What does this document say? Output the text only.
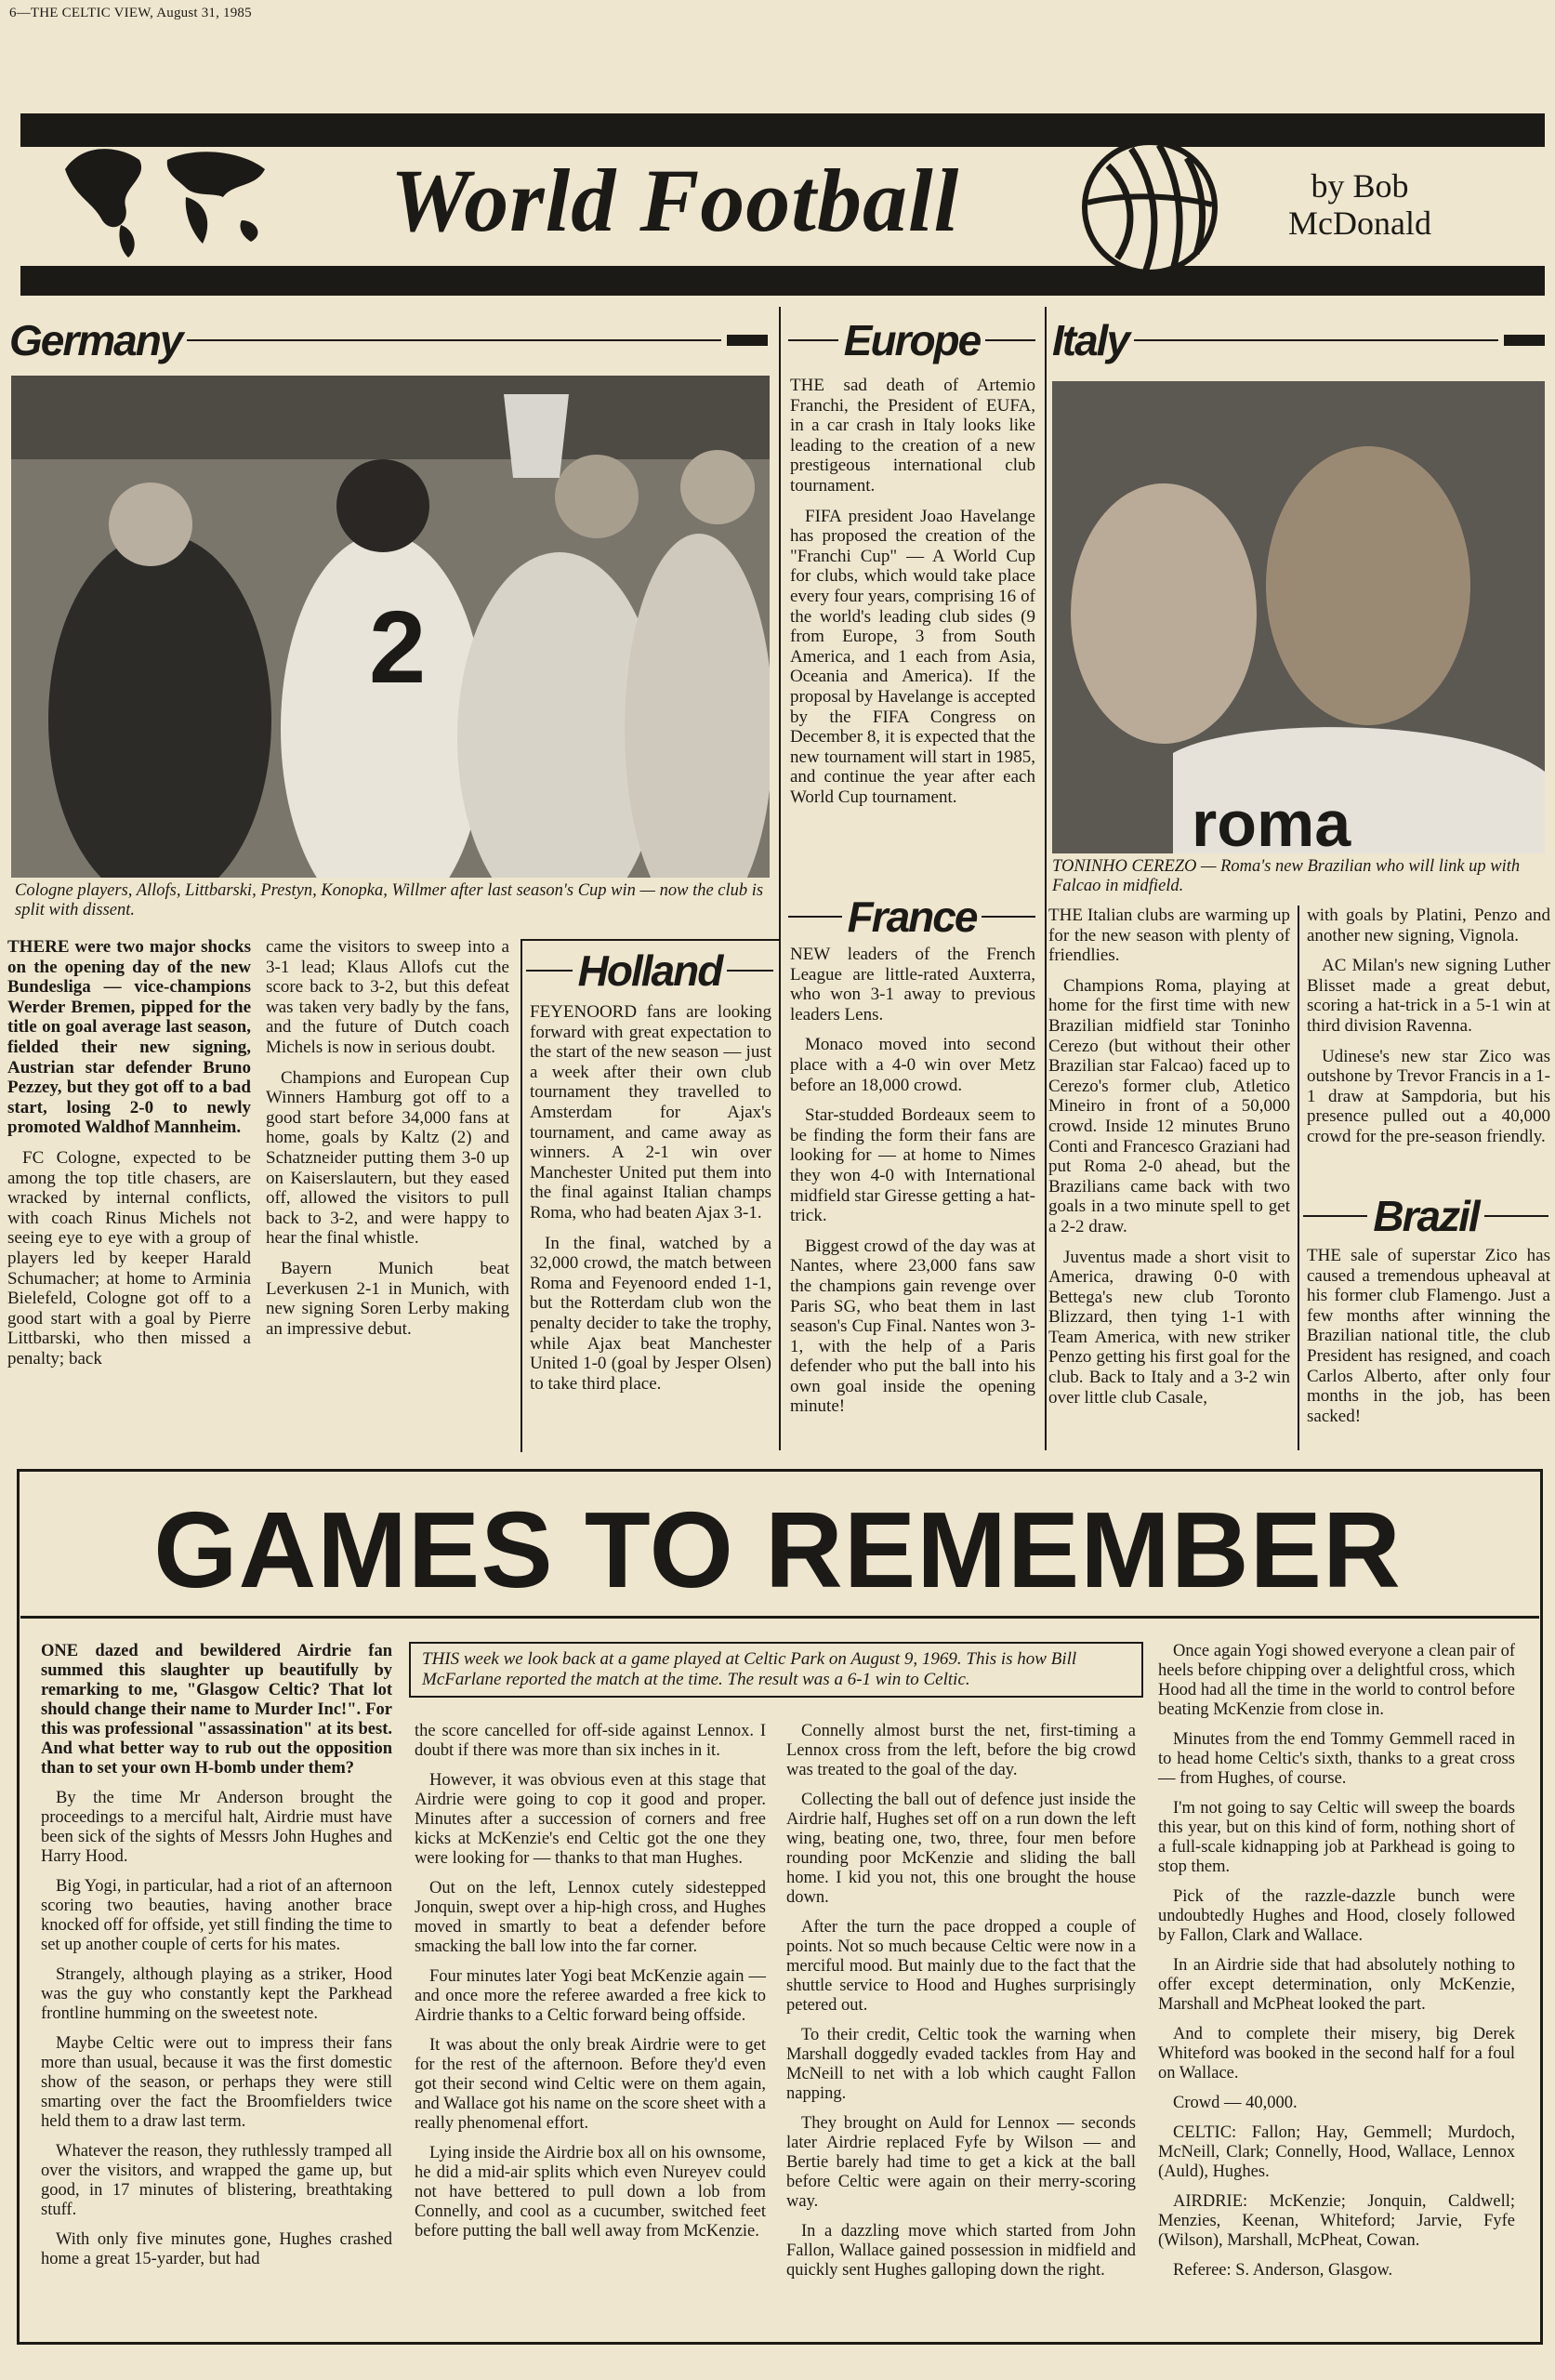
6—THE CELTIC VIEW, August 31, 1985
World Football	by Bob McDonald
Germany
2
Cologne players, Allofs, Littbarski, Prestyn, Konopka, Willmer after last season's Cup win — now the club is split with dissent.

THERE were two major shocks on the opening day of the new Bundesliga — vice-champions Werder Bremen, pipped for the title on goal average last season, fielded their new signing, Austrian star defender Bruno Pezzey, but they got off to a bad start, losing 2-0 to newly promoted Waldhof Mannheim.

FC Cologne, expected to be among the top title chasers, are wracked by internal conflicts, with coach Rinus Michels not seeing eye to eye with a group of players led by keeper Harald Schumacher; at home to Arminia Bielefeld, Cologne got off to a good start with a goal by Pierre Littbarski, who then missed a penalty; back

came the visitors to sweep into a 3-1 lead; Klaus Allofs cut the score back to 3-2, but this defeat was taken very badly by the fans, and the future of Dutch coach Michels is now in serious doubt.

Champions and European Cup Winners Hamburg got off to a good start before 34,000 fans at home, goals by Kaltz (2) and Schatzneider putting them 3-0 up on Kaiserslautern, but they eased off, allowed the visitors to pull back to 3-2, and were happy to hear the final whistle.

Bayern Munich beat Leverkusen 2-1 in Munich, with new signing Soren Lerby making an impressive debut.

Holland

FEYENOORD fans are looking forward with great expectation to the start of the new season — just a week after their own club tournament they travelled to Amsterdam for Ajax's tournament, and came away as winners. A 2-1 win over Manchester United put them into the final against Italian champs Roma, who had beaten Ajax 3-1.

In the final, watched by a 32,000 crowd, the match between Roma and Feyenoord ended 1-1, but the Rotterdam club won the penalty decider to take the trophy, while Ajax beat Manchester United 1-0 (goal by Jesper Olsen) to take third place.

Europe

THE sad death of Artemio Franchi, the President of EUFA, in a car crash in Italy looks like leading to the creation of a new prestigeous international club tournament.

FIFA president Joao Havelange has proposed the creation of the "Franchi Cup" — A World Cup for clubs, which would take place every four years, comprising 16 of the world's leading club sides (9 from Europe, 3 from South America, and 1 each from Asia, Oceania and America). If the proposal by Havelange is accepted by the FIFA Congress on December 8, it is expected that the new tournament will start in 1985, and continue the year after each World Cup tournament.

France

NEW leaders of the French League are little-rated Auxterra, who won 3-1 away to previous leaders Lens.

Monaco moved into second place with a 4-0 win over Metz before an 18,000 crowd.

Star-studded Bordeaux seem to be finding the form their fans are looking for — at home to Nimes they won 4-0 with International midfield star Giresse getting a hat-trick.

Biggest crowd of the day was at Nantes, where 23,000 fans saw the champions gain revenge over Paris SG, who beat them in last season's Cup Final. Nantes won 3-1, with the help of a Paris defender who put the ball into his own goal inside the opening minute!

Italy
roma
TONINHO CEREZO — Roma's new Brazilian who will link up with Falcao in midfield.

THE Italian clubs are warming up for the new season with plenty of friendlies.

Champions Roma, playing at home for the first time with new Brazilian midfield star Toninho Cerezo (but without their other Brazilian star Falcao) faced up to Cerezo's former club, Atletico Mineiro in front of a 50,000 crowd. Inside 12 minutes Bruno Conti and Francesco Graziani had put Roma 2-0 ahead, but the Brazilians came back with two goals in a two minute spell to get a 2-2 draw.

Juventus made a short visit to America, drawing 0-0 with Bettega's new club Toronto Blizzard, then tying 1-1 with Team America, with new striker Penzo getting his first goal for the club. Back to Italy and a 3-2 win over little club Casale,

with goals by Platini, Penzo and another new signing, Vignola.

AC Milan's new signing Luther Blisset made a great debut, scoring a hat-trick in a 5-1 win at third division Ravenna.

Udinese's new star Zico was outshone by Trevor Francis in a 1-1 draw at Sampdoria, but his presence pulled out a 40,000 crowd for the pre-season friendly.

Brazil

THE sale of superstar Zico has caused a tremendous upheaval at his former club Flamengo. Just a few months after winning the Brazilian national title, the club President has resigned, and coach Carlos Alberto, after only four months in the job, has been sacked!

GAMES TO REMEMBER
THIS week we look back at a game played at Celtic Park on August 9, 1969. This is how Bill McFarlane reported the match at the time. The result was a 6-1 win to Celtic.

ONE dazed and bewildered Airdrie fan summed this slaughter up beautifully by remarking to me, "Glasgow Celtic? That lot should change their name to Murder Inc!". For this was professional "assassination" at its best. And what better way to rub out the opposition than to set your own H-bomb under them?

By the time Mr Anderson brought the proceedings to a merciful halt, Airdrie must have been sick of the sights of Messrs John Hughes and Harry Hood.

Big Yogi, in particular, had a riot of an afternoon scoring two beauties, having another brace knocked off for offside, yet still finding the time to set up another couple of certs for his mates.

Strangely, although playing as a striker, Hood was the guy who constantly kept the Parkhead frontline humming on the sweetest note.

Maybe Celtic were out to impress their fans more than usual, because it was the first domestic show of the season, or perhaps they were still smarting over the fact the Broomfielders twice held them to a draw last term.

Whatever the reason, they ruthlessly tramped all over the visitors, and wrapped the game up, but good, in 17 minutes of blistering, breathtaking stuff.

With only five minutes gone, Hughes crashed home a great 15-yarder, but had

the score cancelled for off-side against Lennox. I doubt if there was more than six inches in it.

However, it was obvious even at this stage that Airdrie were going to cop it good and proper. Minutes after a succession of corners and free kicks at McKenzie's end Celtic got the one they were looking for — thanks to that man Hughes.

Out on the left, Lennox cutely sidestepped Jonquin, swept over a hip-high cross, and Hughes moved in smartly to beat a defender before smacking the ball low into the far corner.

Four minutes later Yogi beat McKenzie again — and once more the referee awarded a free kick to Airdrie thanks to a Celtic forward being offside.

It was about the only break Airdrie were to get for the rest of the afternoon. Before they'd even got their second wind Celtic were on them again, and Wallace got his name on the score sheet with a really phenomenal effort.

Lying inside the Airdrie box all on his ownsome, he did a mid-air splits which even Nureyev could not have bettered to pull down a lob from Connelly, and cool as a cucumber, switched feet before putting the ball well away from McKenzie.

Connelly almost burst the net, first-timing a Lennox cross from the left, before the big crowd was treated to the goal of the day.

Collecting the ball out of defence just inside the Airdrie half, Hughes set off on a run down the left wing, beating one, two, three, four men before rounding poor McKenzie and sliding the ball home. I kid you not, this one brought the house down.

After the turn the pace dropped a couple of points. Not so much because Celtic were now in a merciful mood. But mainly due to the fact that the shuttle service to Hood and Hughes surprisingly petered out.

To their credit, Celtic took the warning when Marshall doggedly evaded tackles from Hay and McNeill to net with a lob which caught Fallon napping.

They brought on Auld for Lennox — seconds later Airdrie replaced Fyfe by Wilson — and Bertie barely had time to get a kick at the ball before Celtic were again on their merry-scoring way.

In a dazzling move which started from John Fallon, Wallace gained possession in midfield and quickly sent Hughes galloping down the right.

Once again Yogi showed everyone a clean pair of heels before chipping over a delightful cross, which Hood had all the time in the world to control before beating McKenzie from close in.

Minutes from the end Tommy Gemmell raced in to head home Celtic's sixth, thanks to a great cross — from Hughes, of course.

I'm not going to say Celtic will sweep the boards this year, but on this kind of form, nothing short of a full-scale kidnapping job at Parkhead is going to stop them.

Pick of the razzle-dazzle bunch were undoubtedly Hughes and Hood, closely followed by Fallon, Clark and Wallace.

In an Airdrie side that had absolutely nothing to offer except determination, only McKenzie, Marshall and McPheat looked the part.

And to complete their misery, big Derek Whiteford was booked in the second half for a foul on Wallace.

Crowd — 40,000.

CELTIC: Fallon; Hay, Gemmell; Murdoch, McNeill, Clark; Connelly, Hood, Wallace, Lennox (Auld), Hughes.

AIRDRIE: McKenzie; Jonquin, Caldwell; Menzies, Keenan, Whiteford; Jarvie, Fyfe (Wilson), Marshall, McPheat, Cowan.

Referee: S. Anderson, Glasgow.
